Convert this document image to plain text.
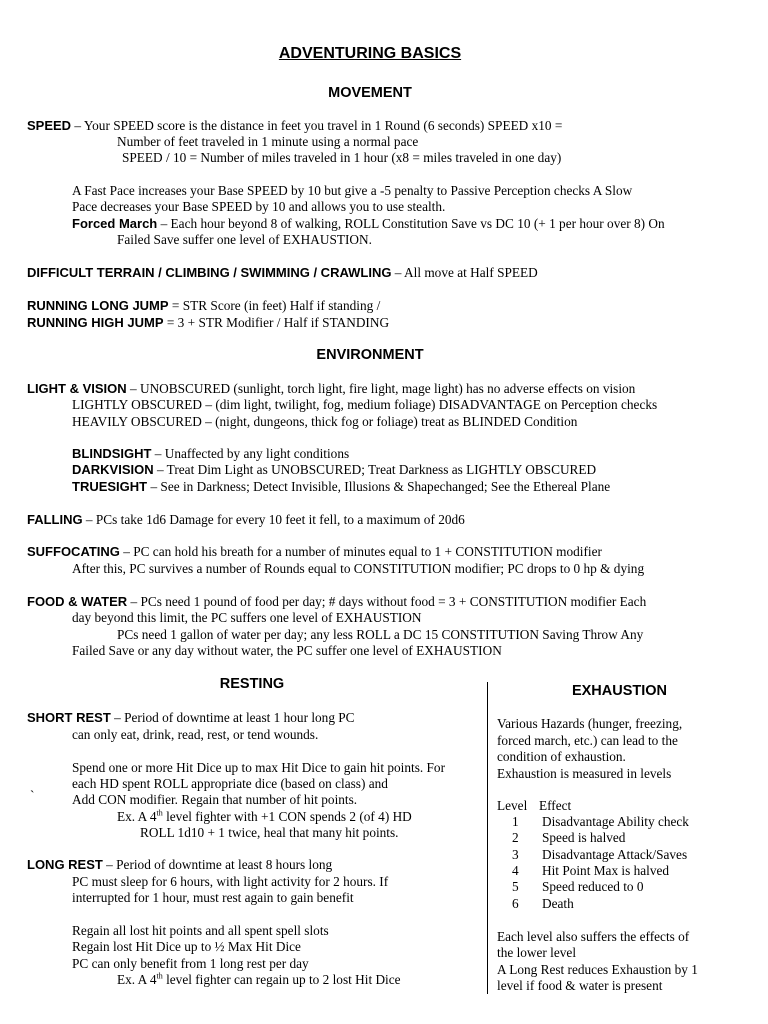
ADVENTURING BASICS
MOVEMENT
SPEED – Your SPEED score is the distance in feet you travel in 1 Round (6 seconds) SPEED x10 =
Number of feet traveled in 1 minute using a normal pace
SPEED / 10 = Number of miles traveled in 1 hour (x8 = miles traveled in one day)
A Fast Pace increases your Base SPEED by 10 but give a -5 penalty to Passive Perception checks A Slow
Pace decreases your Base SPEED by 10 and allows you to use stealth.
Forced March – Each hour beyond 8 of walking, ROLL Constitution Save vs DC 10 (+ 1 per hour over 8) On
Failed Save suffer one level of EXHAUSTION.
DIFFICULT TERRAIN / CLIMBING / SWIMMING / CRAWLING – All move at Half SPEED
RUNNING LONG JUMP = STR Score (in feet) Half if standing /
RUNNING HIGH JUMP = 3 + STR Modifier / Half if STANDING
ENVIRONMENT
LIGHT & VISION – UNOBSCURED (sunlight, torch light, fire light, mage light) has no adverse effects on vision
LIGHTLY OBSCURED – (dim light, twilight, fog, medium foliage) DISADVANTAGE on Perception checks
HEAVILY OBSCURED – (night, dungeons, thick fog or foliage) treat as BLINDED Condition
BLINDSIGHT – Unaffected by any light conditions
DARKVISION – Treat Dim Light as UNOBSCURED; Treat Darkness as LIGHTLY OBSCURED
TRUESIGHT – See in Darkness; Detect Invisible, Illusions & Shapechanged; See the Ethereal Plane
FALLING – PCs take 1d6 Damage for every 10 feet it fell, to a maximum of 20d6
SUFFOCATING – PC can hold his breath for a number of minutes equal to 1 + CONSTITUTION modifier
After this, PC survives a number of Rounds equal to CONSTITUTION modifier; PC drops to 0 hp & dying
FOOD & WATER – PCs need 1 pound of food per day; # days without food = 3 + CONSTITUTION modifier Each
day beyond this limit, the PC suffers one level of EXHAUSTION
PCs need 1 gallon of water per day; any less ROLL a DC 15 CONSTITUTION Saving Throw Any
Failed Save or any day without water, the PC suffer one level of EXHAUSTION
RESTING
SHORT REST – Period of downtime at least 1 hour long PC
can only eat, drink, read, rest, or tend wounds.
Spend one or more Hit Dice up to max Hit Dice to gain hit points. For
each HD spent ROLL appropriate dice (based on class) and
`	Add CON modifier. Regain that number of hit points.
Ex. A 4th level fighter with +1 CON spends 2 (of 4) HD
ROLL 1d10 + 1 twice, heal that many hit points.
LONG REST – Period of downtime at least 8 hours long
PC must sleep for 6 hours, with light activity for 2 hours. If
interrupted for 1 hour, must rest again to gain benefit
Regain all lost hit points and all spent spell slots
Regain lost Hit Dice up to ½ Max Hit Dice
PC can only benefit from 1 long rest per day
Ex. A 4th level fighter can regain up to 2 lost Hit Dice
EXHAUSTION
Various Hazards (hunger, freezing,
forced march, etc.) can lead to the
condition of exhaustion.
Exhaustion is measured in levels
Level Effect
1 Disadvantage Ability check
2 Speed is halved
3 Disadvantage Attack/Saves
4 Hit Point Max is halved
5 Speed reduced to 0
6 Death
Each level also suffers the effects of
the lower level
A Long Rest reduces Exhaustion by 1
level if food & water is present
